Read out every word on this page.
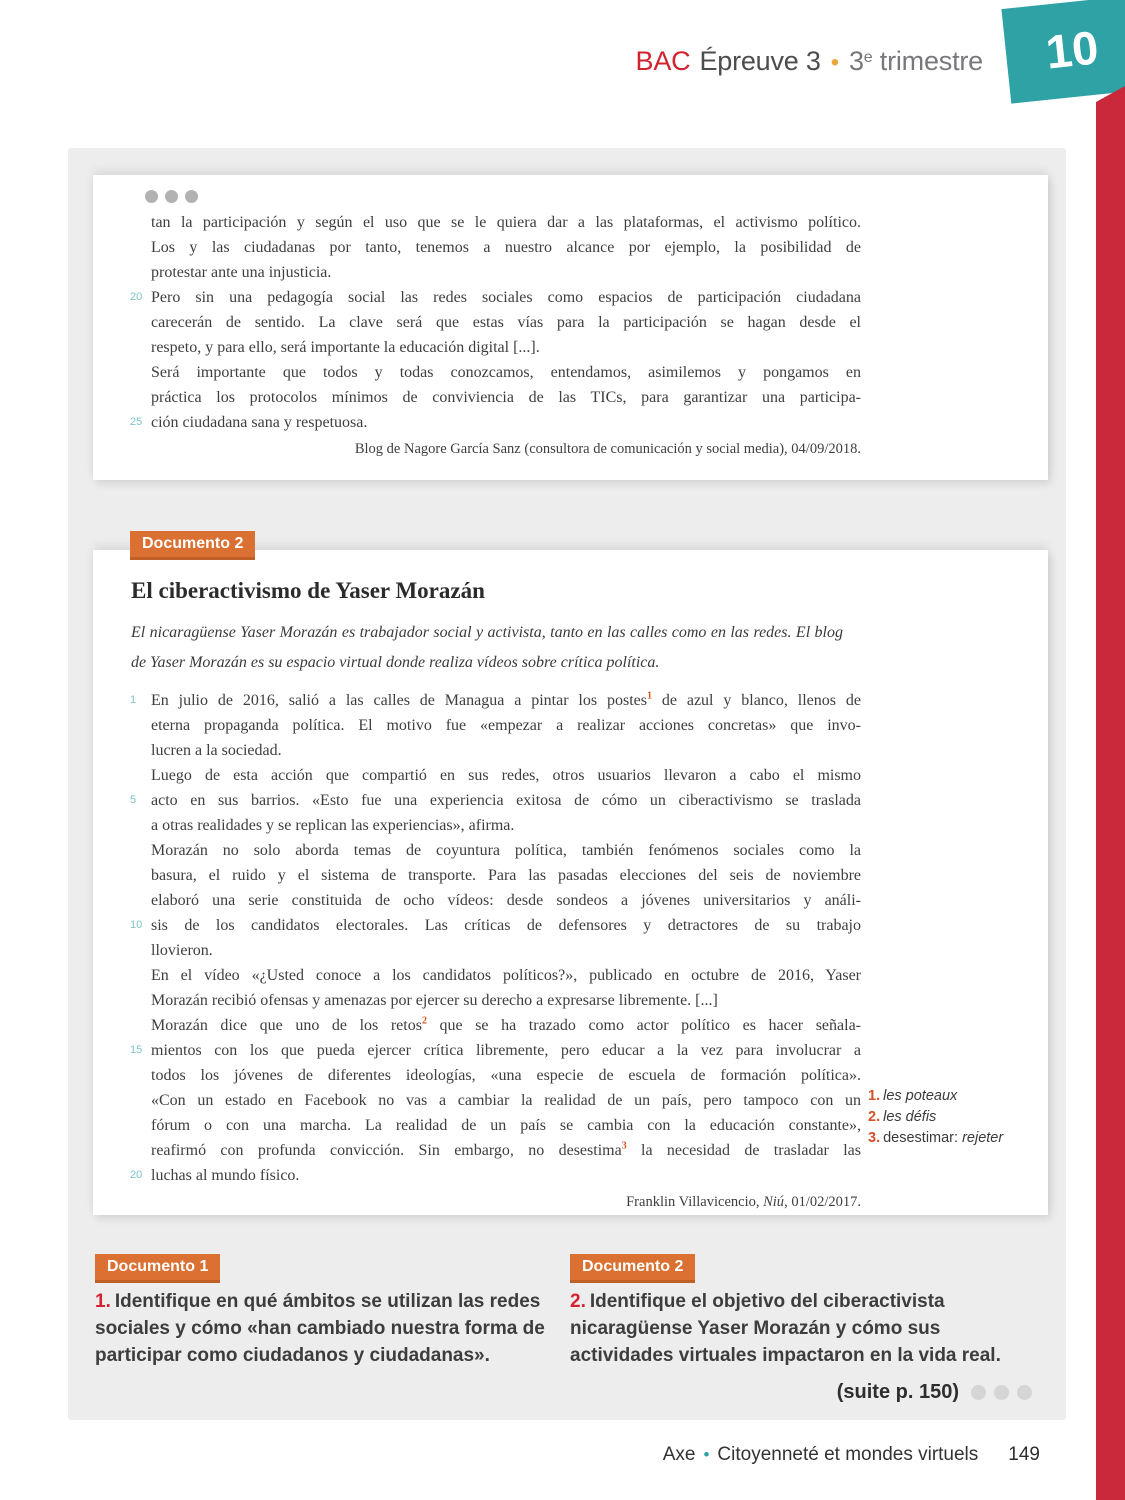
BAC Épreuve 3 • 3e trimestre 10
tan la participación y según el uso que se le quiera dar a las plataformas, el activismo político.
Los y las ciudadanas por tanto, tenemos a nuestro alcance por ejemplo, la posibilidad de
protestar ante una injusticia.
20 Pero sin una pedagogía social las redes sociales como espacios de participación ciudadana
carecerán de sentido. La clave será que estas vías para la participación se hagan desde el
respeto, y para ello, será importante la educación digital [...].
Será importante que todos y todas conozcamos, entendamos, asimilemos y pongamos en
práctica los protocolos mínimos de conviviencia de las TICs, para garantizar una participa-
25 ción ciudadana sana y respetuosa.
Blog de Nagore García Sanz (consultora de comunicación y social media), 04/09/2018.
El ciberactivismo de Yaser Morazán
El nicaragüense Yaser Morazán es trabajador social y activista, tanto en las calles como en las redes. El blog de Yaser Morazán es su espacio virtual donde realiza vídeos sobre crítica política.
1 En julio de 2016, salió a las calles de Managua a pintar los postes$^1$ de azul y blanco, llenos de
eterna propaganda política. El motivo fue «empezar a realizar acciones concretas» que invo-
lucren a la sociedad.
Luego de esta acción que compartió en sus redes, otros usuarios llevaron a cabo el mismo
5 acto en sus barrios. «Esto fue una experiencia exitosa de cómo un ciberactivismo se traslada
a otras realidades y se replican las experiencias», afirma.
Morazán no solo aborda temas de coyuntura política, también fenómenos sociales como la
basura, el ruido y el sistema de transporte. Para las pasadas elecciones del seis de noviembre
elaboró una serie constituida de ocho vídeos: desde sondeos a jóvenes universitarios y análi-
10 sis de los candidatos electorales. Las críticas de defensores y detractores de su trabajo
llovieron.
En el vídeo «¿Usted conoce a los candidatos políticos?», publicado en octubre de 2016, Yaser
Morazán recibió ofensas y amenazas por ejercer su derecho a expresarse libremente. [...]
Morazán dice que uno de los retos$^2$ que se ha trazado como actor político es hacer señala-
15 mientos con los que pueda ejercer crítica libremente, pero educar a la vez para involucrar a
todos los jóvenes de diferentes ideologías, «una especie de escuela de formación política».
«Con un estado en Facebook no vas a cambiar la realidad de un país, pero tampoco con un
fórum o con una marcha. La realidad de un país se cambia con la educación constante»,
reafirmó con profunda convicción. Sin embargo, no desestima$^3$ la necesidad de trasladar las
20 luchas al mundo físico.
Franklin Villavicencio, Niú, 01/02/2017.
Documento 2
1. les poteaux
2. les défis
3. desestimar: rejeter
Documento 1
1. Identifique en qué ámbitos se utilizan las redes sociales y cómo «han cambiado nuestra forma de participar como ciudadanos y ciudadanas».
Documento 2
2. Identifique el objetivo del ciberactivista nicaragüense Yaser Morazán y cómo sus actividades virtuales impactaron en la vida real.
(suite p. 150)
Axe • Citoyenneté et mondes virtuels 149
